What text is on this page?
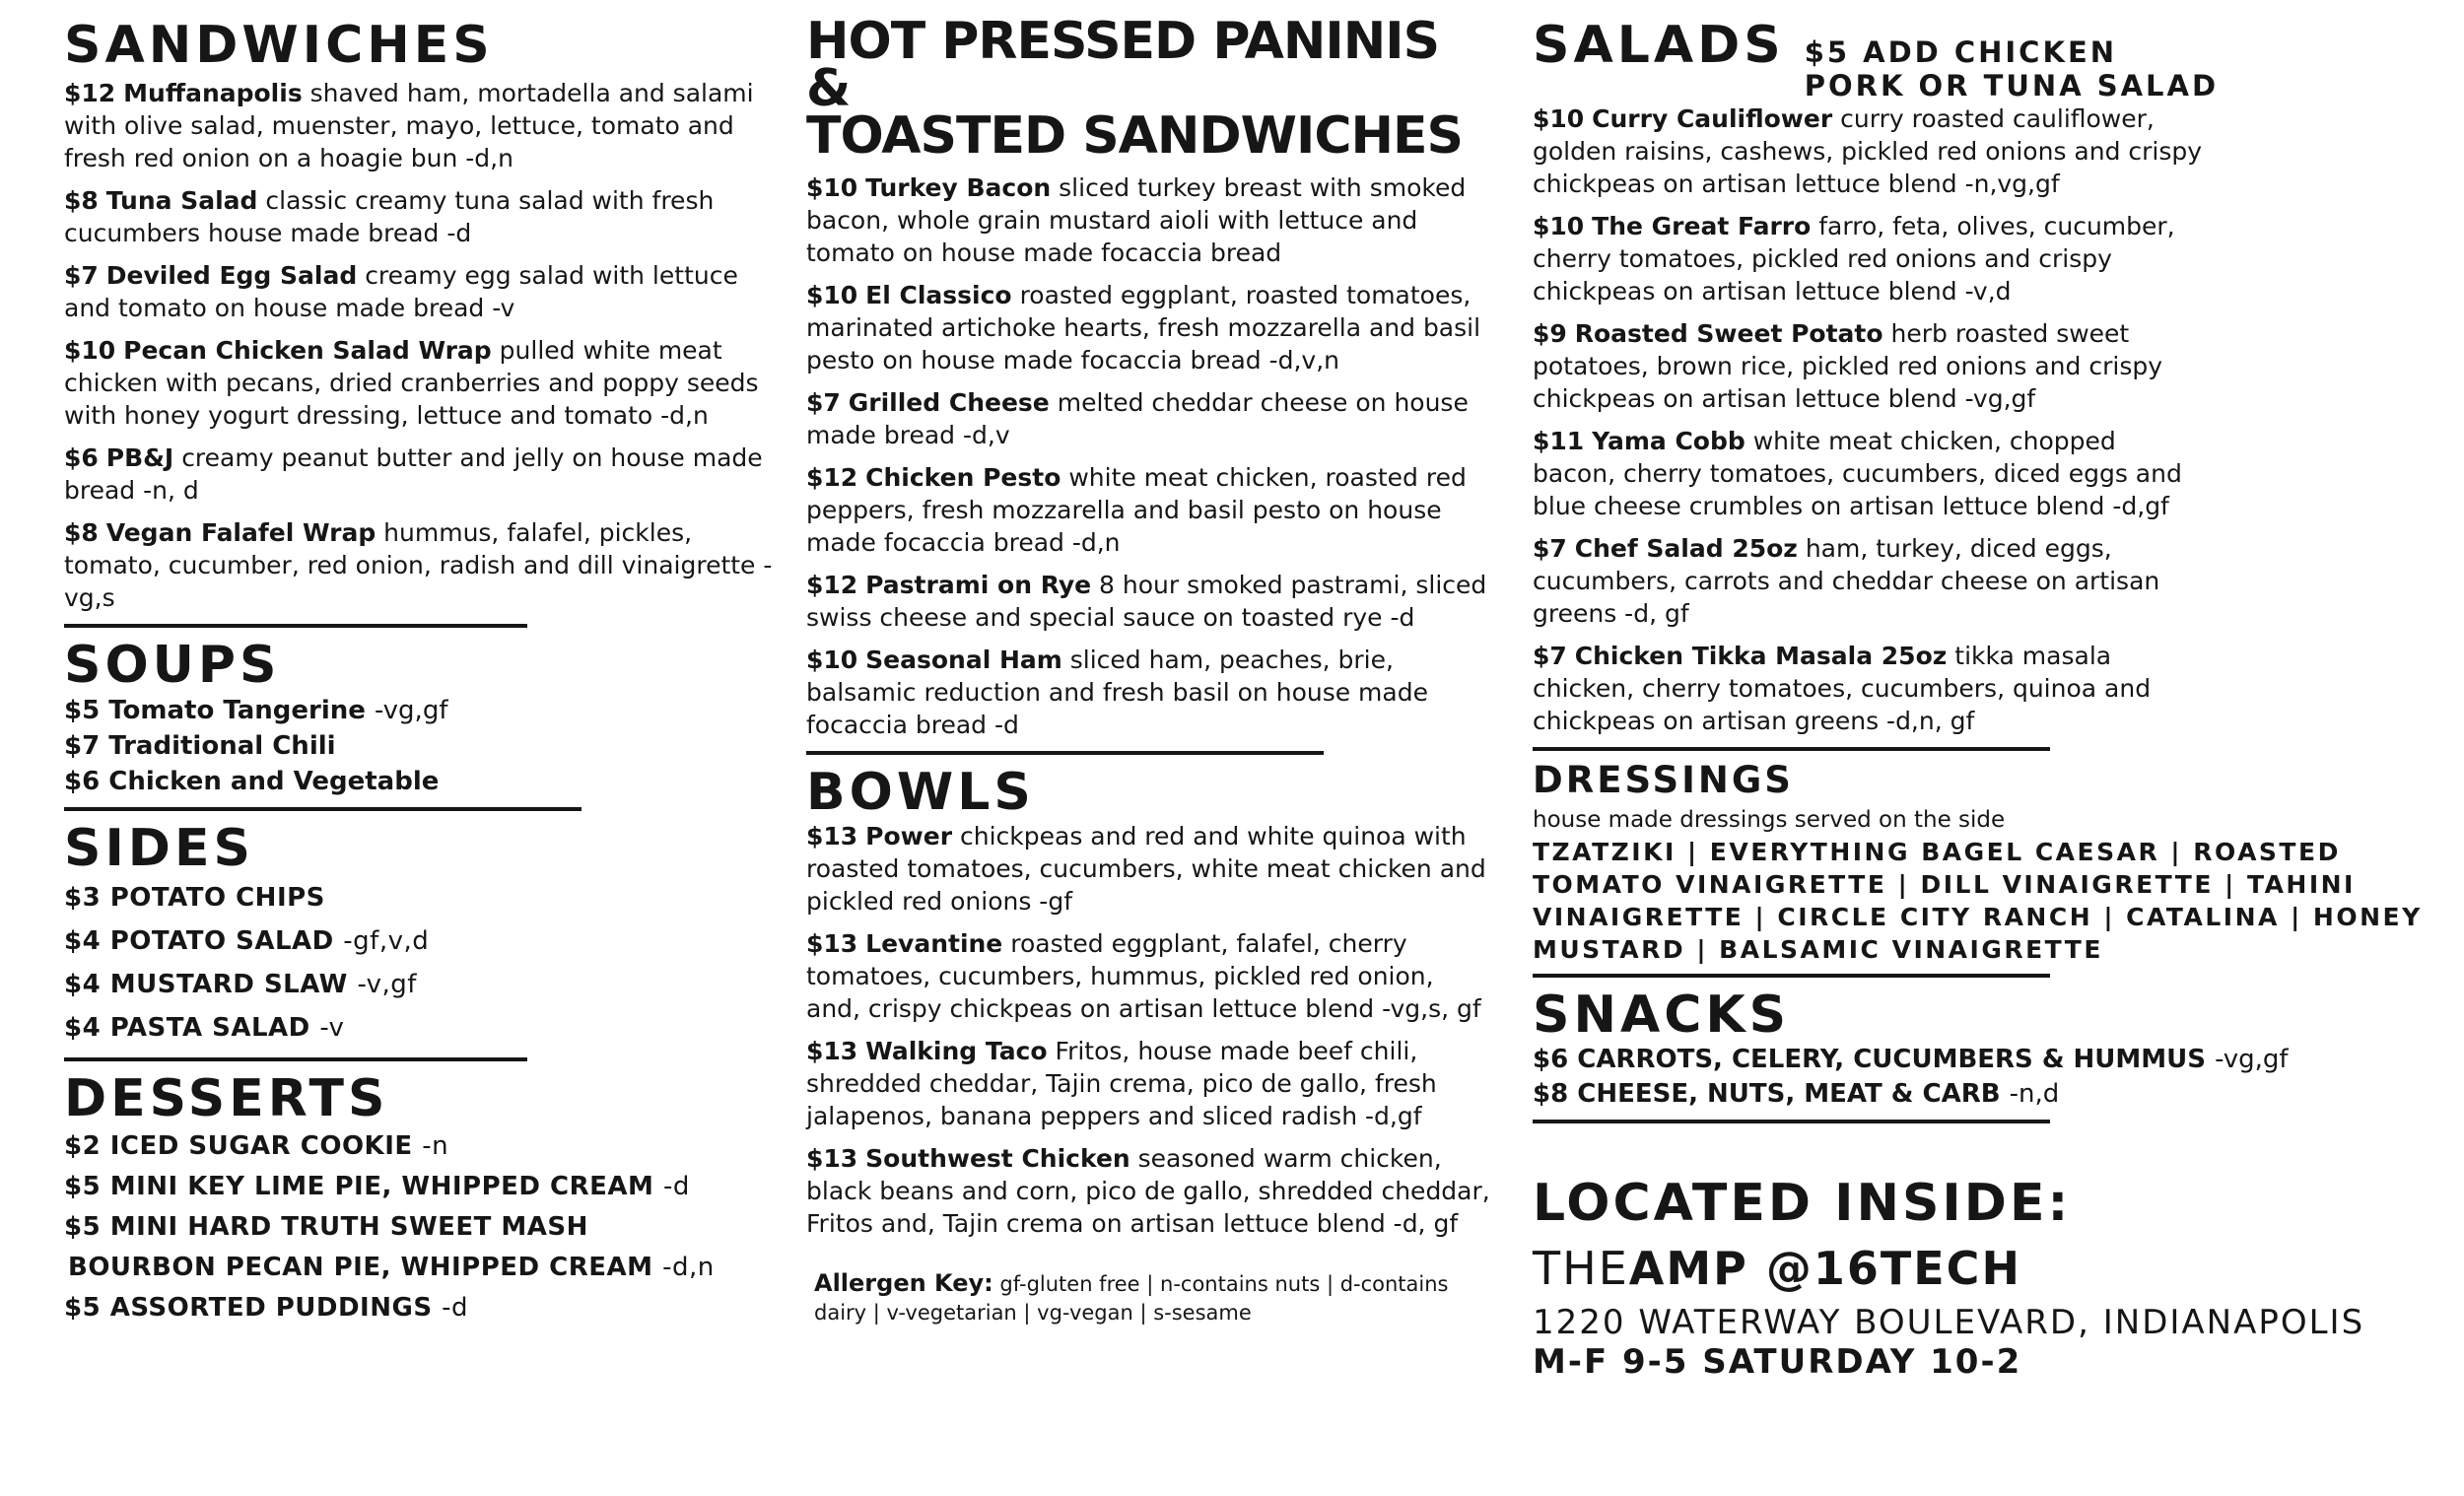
SANDWICHES

$12 Muffanapolis shaved ham, mortadella and salami with olive salad, muenster, mayo, lettuce, tomato and fresh red onion on a hoagie bun -d,n

$8 Tuna Salad classic creamy tuna salad with fresh cucumbers house made bread -d

$7 Deviled Egg Salad creamy egg salad with lettuce and tomato on house made bread -v

$10 Pecan Chicken Salad Wrap pulled white meat chicken with pecans, dried cranberries and poppy seeds with honey yogurt dressing, lettuce and tomato -d,n

$6 PB&J creamy peanut butter and jelly on house made bread -n, d

$8 Vegan Falafel Wrap hummus, falafel, pickles, tomato, cucumber, red onion, radish and dill vinaigrette -vg,s

SOUPS

$5 Tomato Tangerine -vg,gf

$7 Traditional Chili

$6 Chicken and Vegetable

SIDES

$3 POTATO CHIPS

$4 POTATO SALAD -gf,v,d

$4 MUSTARD SLAW -v,gf

$4 PASTA SALAD -v

DESSERTS

$2 ICED SUGAR COOKIE -n

$5 MINI KEY LIME PIE, WHIPPED CREAM -d

$5 MINI HARD TRUTH SWEET MASH

BOURBON PECAN PIE, WHIPPED CREAM -d,n

$5 ASSORTED PUDDINGS -d

HOT PRESSED PANINIS &
TOASTED SANDWICHES

$10 Turkey Bacon sliced turkey breast with smoked bacon, whole grain mustard aioli with lettuce and tomato on house made focaccia bread

$10 El Classico roasted eggplant, roasted tomatoes, marinated artichoke hearts, fresh mozzarella and basil pesto on house made focaccia bread -d,v,n

$7 Grilled Cheese melted cheddar cheese on house made bread -d,v

$12 Chicken Pesto white meat chicken, roasted red peppers, fresh mozzarella and basil pesto on house made focaccia bread -d,n

$12 Pastrami on Rye 8 hour smoked pastrami, sliced swiss cheese and special sauce on toasted rye -d

$10 Seasonal Ham sliced ham, peaches, brie, balsamic reduction and fresh basil on house made focaccia bread -d

BOWLS

$13 Power chickpeas and red and white quinoa with roasted tomatoes, cucumbers, white meat chicken and pickled red onions -gf

$13 Levantine roasted eggplant, falafel, cherry tomatoes, cucumbers, hummus, pickled red onion, and, crispy chickpeas on artisan lettuce blend -vg,s, gf

$13 Walking Taco Fritos, house made beef chili, shredded cheddar, Tajin crema, pico de gallo, fresh jalapenos, banana peppers and sliced radish -d,gf

$13 Southwest Chicken seasoned warm chicken, black beans and corn, pico de gallo, shredded cheddar, Fritos and, Tajin crema on artisan lettuce blend -d, gf

Allergen Key: gf-gluten free | n-contains nuts | d-contains dairy | v-vegetarian | vg-vegan | s-sesame

SALADS $5 ADD CHICKEN
PORK OR TUNA SALAD

$10 Curry Cauliflower curry roasted cauliflower, golden raisins, cashews, pickled red onions and crispy chickpeas on artisan lettuce blend -n,vg,gf

$10 The Great Farro farro, feta, olives, cucumber, cherry tomatoes, pickled red onions and crispy chickpeas on artisan lettuce blend -v,d

$9 Roasted Sweet Potato herb roasted sweet potatoes, brown rice, pickled red onions and crispy chickpeas on artisan lettuce blend -vg,gf

$11 Yama Cobb white meat chicken, chopped bacon, cherry tomatoes, cucumbers, diced eggs and blue cheese crumbles on artisan lettuce blend -d,gf

$7 Chef Salad 25oz ham, turkey, diced eggs, cucumbers, carrots and cheddar cheese on artisan greens -d, gf

$7 Chicken Tikka Masala 25oz tikka masala chicken, cherry tomatoes, cucumbers, quinoa and chickpeas on artisan greens -d,n, gf

DRESSINGS

house made dressings served on the side

TZATZIKI | EVERYTHING BAGEL CAESAR | ROASTED TOMATO VINAIGRETTE | DILL VINAIGRETTE | TAHINI VINAIGRETTE | CIRCLE CITY RANCH | CATALINA | HONEY MUSTARD | BALSAMIC VINAIGRETTE

SNACKS

$6 CARROTS, CELERY, CUCUMBERS & HUMMUS -vg,gf

$8 CHEESE, NUTS, MEAT & CARB -n,d

LOCATED INSIDE:

THEAMP @16TECH

1220 WATERWAY BOULEVARD, INDIANAPOLIS

M-F 9-5 SATURDAY 10-2
